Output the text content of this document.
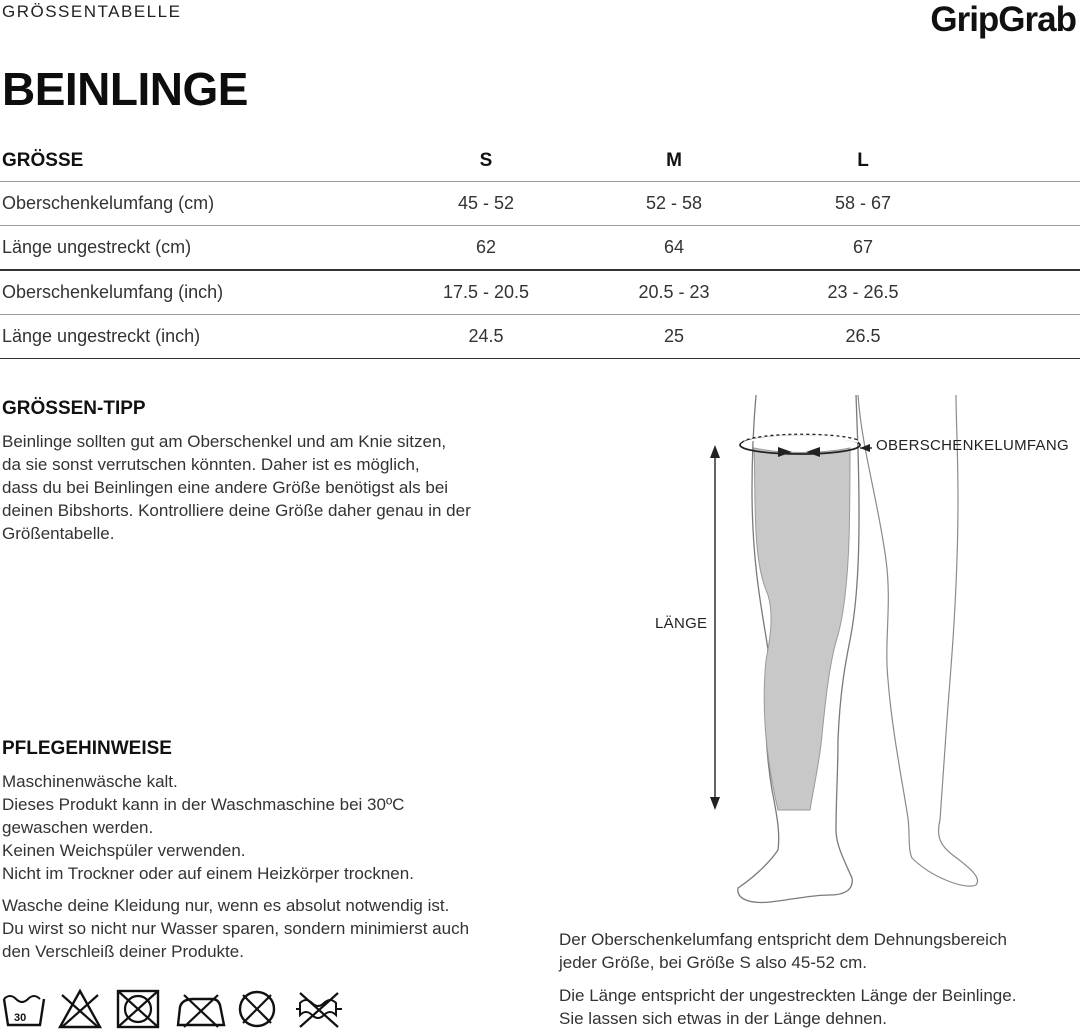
GRÖSSENTABELLE	GripGrab
BEINLINGE
GRÖSSE	S	M	L
Oberschenkelumfang (cm)	45 - 52	52 - 58	58 - 67
Länge ungestreckt (cm)	62	64	67
Oberschenkelumfang (inch)	17.5 - 20.5	20.5 - 23	23 - 26.5
Länge ungestreckt (inch)	24.5	25	26.5
GRÖSSEN-TIPP
Beinlinge sollten gut am Oberschenkel und am Knie sitzen,
da sie sonst verrutschen könnten. Daher ist es möglich,
dass du bei Beinlingen eine andere Größe benötigst als bei
deinen Bibshorts. Kontrolliere deine Größe daher genau in der
Größentabelle.
OBERSCHENKELUMFANG
LÄNGE
PFLEGEHINWEISE
Maschinenwäsche kalt.
Dieses Produkt kann in der Waschmaschine bei 30ºC
gewaschen werden.
Keinen Weichspüler verwenden.
Nicht im Trockner oder auf einem Heizkörper trocknen.
Wasche deine Kleidung nur, wenn es absolut notwendig ist.
Du wirst so nicht nur Wasser sparen, sondern minimierst auch
den Verschleiß deiner Produkte.
Der Oberschenkelumfang entspricht dem Dehnungsbereich
jeder Größe, bei Größe S also 45-52 cm.
Die Länge entspricht der ungestreckten Länge der Beinlinge.
Sie lassen sich etwas in der Länge dehnen.
30
